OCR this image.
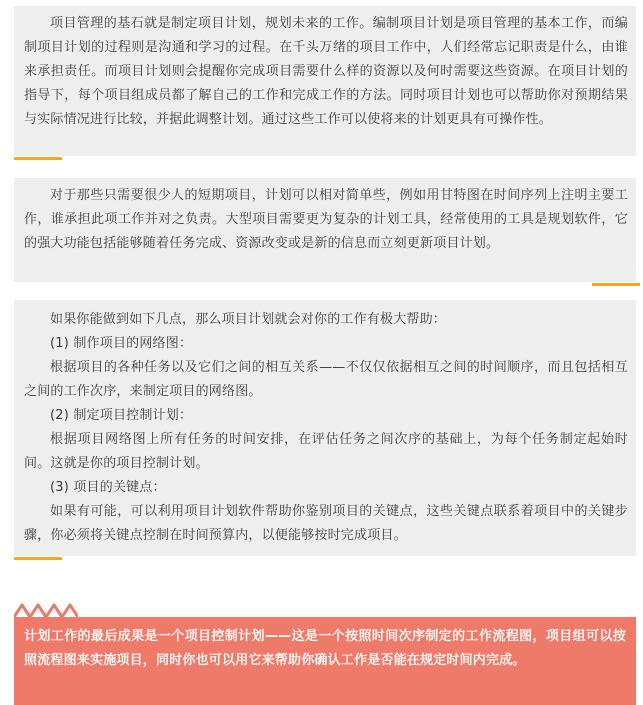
项目管理的基石就是制定项目计划，规划未来的工作。编制项目计划是项目管理的基本工作，而编制项目计划的过程则是沟通和学习的过程。在千头万绪的项目工作中，人们经常忘记职责是什么，由谁来承担责任。而项目计划则会提醒你完成项目需要什么样的资源以及何时需要这些资源。在项目计划的指导下，每个项目组成员都了解自己的工作和完成工作的方法。同时项目计划也可以帮助你对预期结果与实际情况进行比较，并据此调整计划。通过这些工作可以使将来的计划更具有可操作性。

对于那些只需要很少人的短期项目，计划可以相对简单些，例如用甘特图在时间序列上注明主要工作，谁承担此项工作并对之负责。大型项目需要更为复杂的计划工具，经常使用的工具是规划软件，它的强大功能包括能够随着任务完成、资源改变或是新的信息而立刻更新项目计划。

如果你能做到如下几点，那么项目计划就会对你的工作有极大帮助：

(1) 制作项目的网络图：

根据项目的各种任务以及它们之间的相互关系——不仅仅依据相互之间的时间顺序，而且包括相互之间的工作次序，来制定项目的网络图。

(2) 制定项目控制计划：

根据项目网络图上所有任务的时间安排，在评估任务之间次序的基础上，为每个任务制定起始时间。这就是你的项目控制计划。

(3) 项目的关键点：

如果有可能，可以利用项目计划软件帮助你鉴别项目的关键点，这些关键点联系着项目中的关键步骤，你必须将关键点控制在时间预算内，以便能够按时完成项目。

计划工作的最后成果是一个项目控制计划——这是一个按照时间次序制定的工作流程图，项目组可以按照流程图来实施项目，同时你也可以用它来帮助你确认工作是否能在规定时间内完成。
